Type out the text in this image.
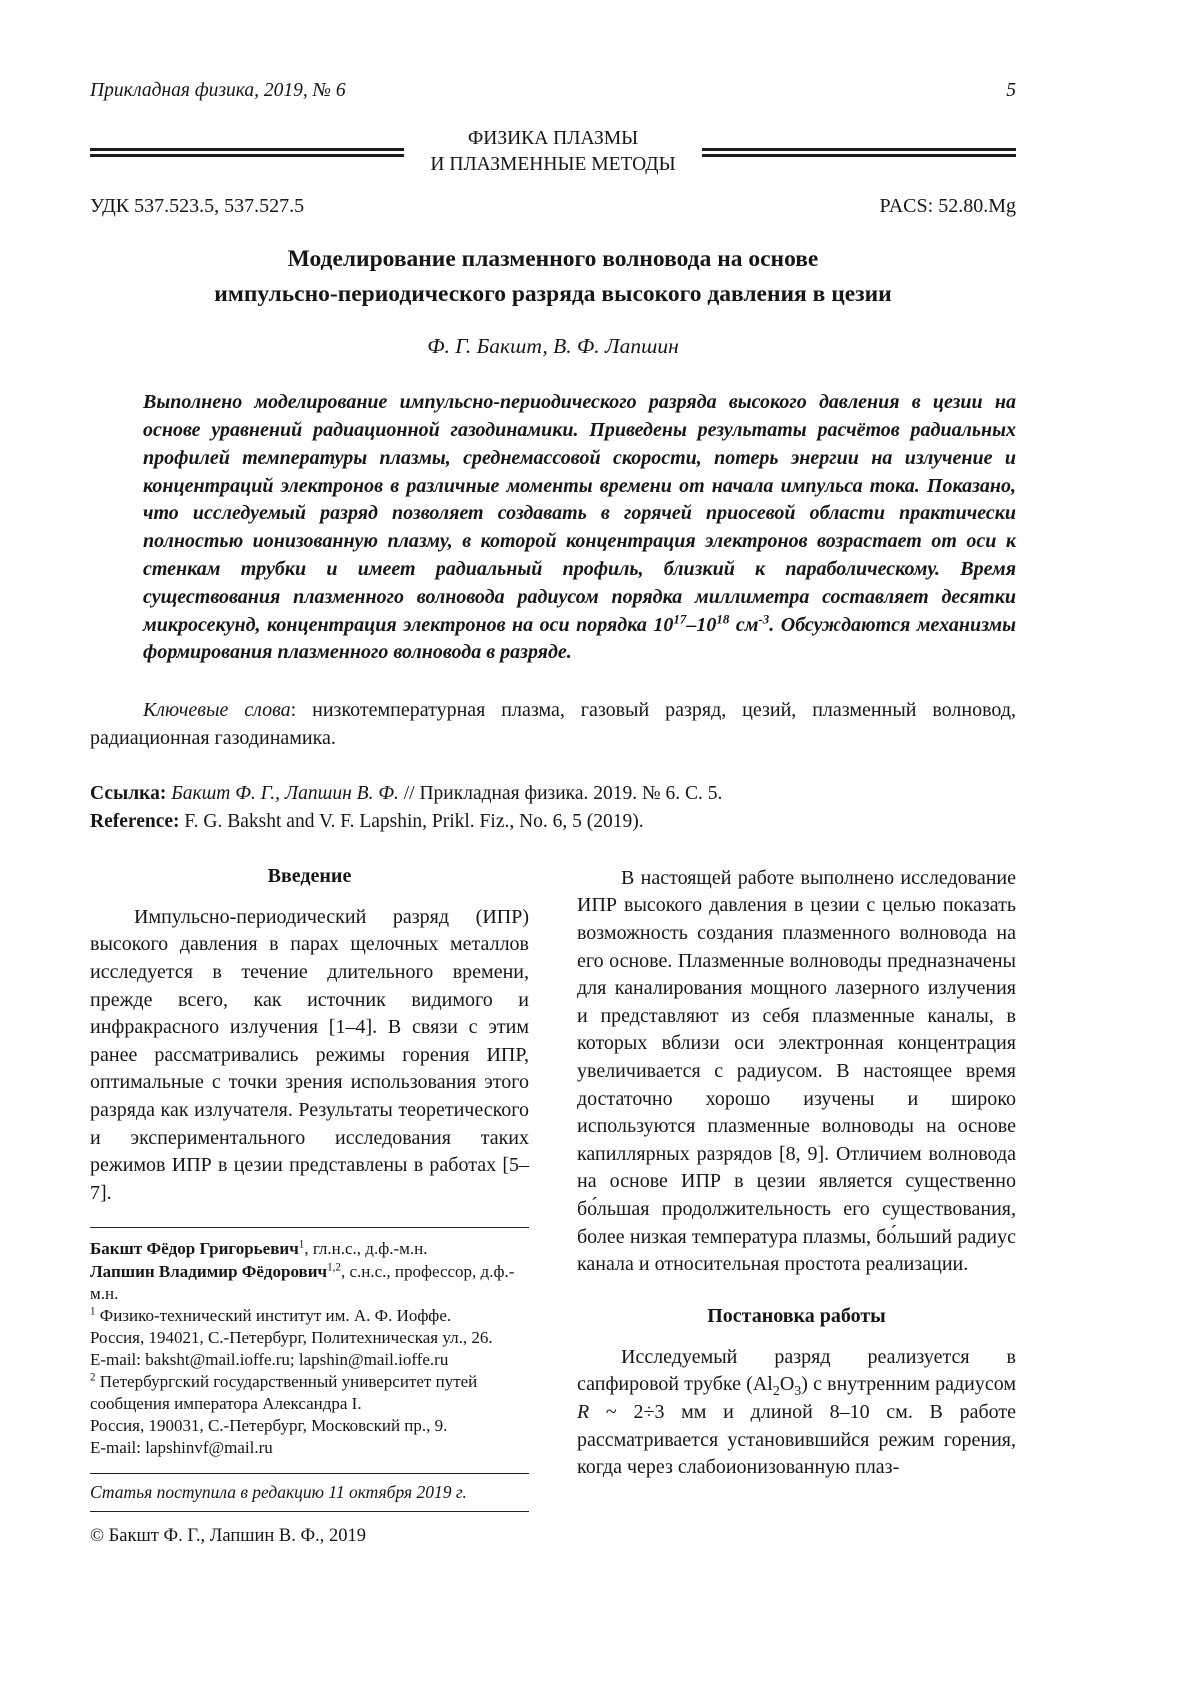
Прикладная физика, 2019, № 6	5
ФИЗИКА ПЛАЗМЫ
И ПЛАЗМЕННЫЕ МЕТОДЫ
УДК 537.523.5, 537.527.5	PACS: 52.80.Mg
Моделирование плазменного волновода на основе
импульсно-периодического разряда высокого давления в цезии
Ф. Г. Бакшт, В. Ф. Лапшин
Выполнено моделирование импульсно-периодического разряда высокого давления в цезии на основе уравнений радиационной газодинамики. Приведены результаты расчётов радиальных профилей температуры плазмы, среднемассовой скорости, потерь энергии на излучение и концентраций электронов в различные моменты времени от начала импульса тока. Показано, что исследуемый разряд позволяет создавать в горячей приосевой области практически полностью ионизованную плазму, в которой концентрация электронов возрастает от оси к стенкам трубки и имеет радиальный профиль, близкий к параболическому. Время существования плазменного волновода радиусом порядка миллиметра составляет десятки микросекунд, концентрация электронов на оси порядка $10^{17}-10^{18}$ $см^{-3}$. Обсуждаются механизмы формирования плазменного волновода в разряде.
Ключевые слова: низкотемпературная плазма, газовый разряд, цезий, плазменный волновод, радиационная газодинамика.
Ссылка: Бакшт Ф. Г., Лапшин В. Ф. // Прикладная физика. 2019. № 6. С. 5.
Reference: F. G. Baksht and V. F. Lapshin, Prikl. Fiz., No. 6, 5 (2019).
Введение
Импульсно-периодический разряд (ИПР) высокого давления в парах щелочных металлов исследуется в течение длительного времени, прежде всего, как источник видимого и инфракрасного излучения [1–4]. В связи с этим ранее рассматривались режимы горения ИПР, оптимальные с точки зрения использования этого разряда как излучателя. Результаты теоретического и экспериментального исследования таких режимов ИПР в цезии представлены в работах [5–7].
Бакшт Фёдор Григорьевич$^1$, гл.н.с., д.ф.-м.н.
Лапшин Владимир Фёдорович$^{1,2}$, с.н.с., профессор, д.ф.-м.н.
$^1$ Физико-технический институт им. А. Ф. Иоффе.
Россия, 194021, С.-Петербург, Политехническая ул., 26.
E-mail: baksht@mail.ioffe.ru; lapshin@mail.ioffe.ru
$^2$ Петербургский государственный университет путей сообщения императора Александра I.
Россия, 190031, С.-Петербург, Московский пр., 9.
E-mail: lapshinvf@mail.ru
Статья поступила в редакцию 11 октября 2019 г.
© Бакшт Ф. Г., Лапшин В. Ф., 2019
В настоящей работе выполнено исследование ИПР высокого давления в цезии с целью показать возможность создания плазменного волновода на его основе. Плазменные волноводы предназначены для каналирования мощного лазерного излучения и представляют из себя плазменные каналы, в которых вблизи оси электронная концентрация увеличивается с радиусом. В настоящее время достаточно хорошо изучены и широко используются плазменные волноводы на основе капиллярных разрядов [8, 9]. Отличием волновода на основе ИПР в цезии является существенно бо́льшая продолжительность его существования, более низкая температура плазмы, бо́льший радиус канала и относительная простота реализации.
Постановка работы
Исследуемый разряд реализуется в сапфировой трубке $(Al_2O_3)$ с внутренним радиусом R ~ 2÷3 мм и длиной 8–10 см. В работе рассматривается установившийся режим горения, когда через слабоионизованную плаз-
